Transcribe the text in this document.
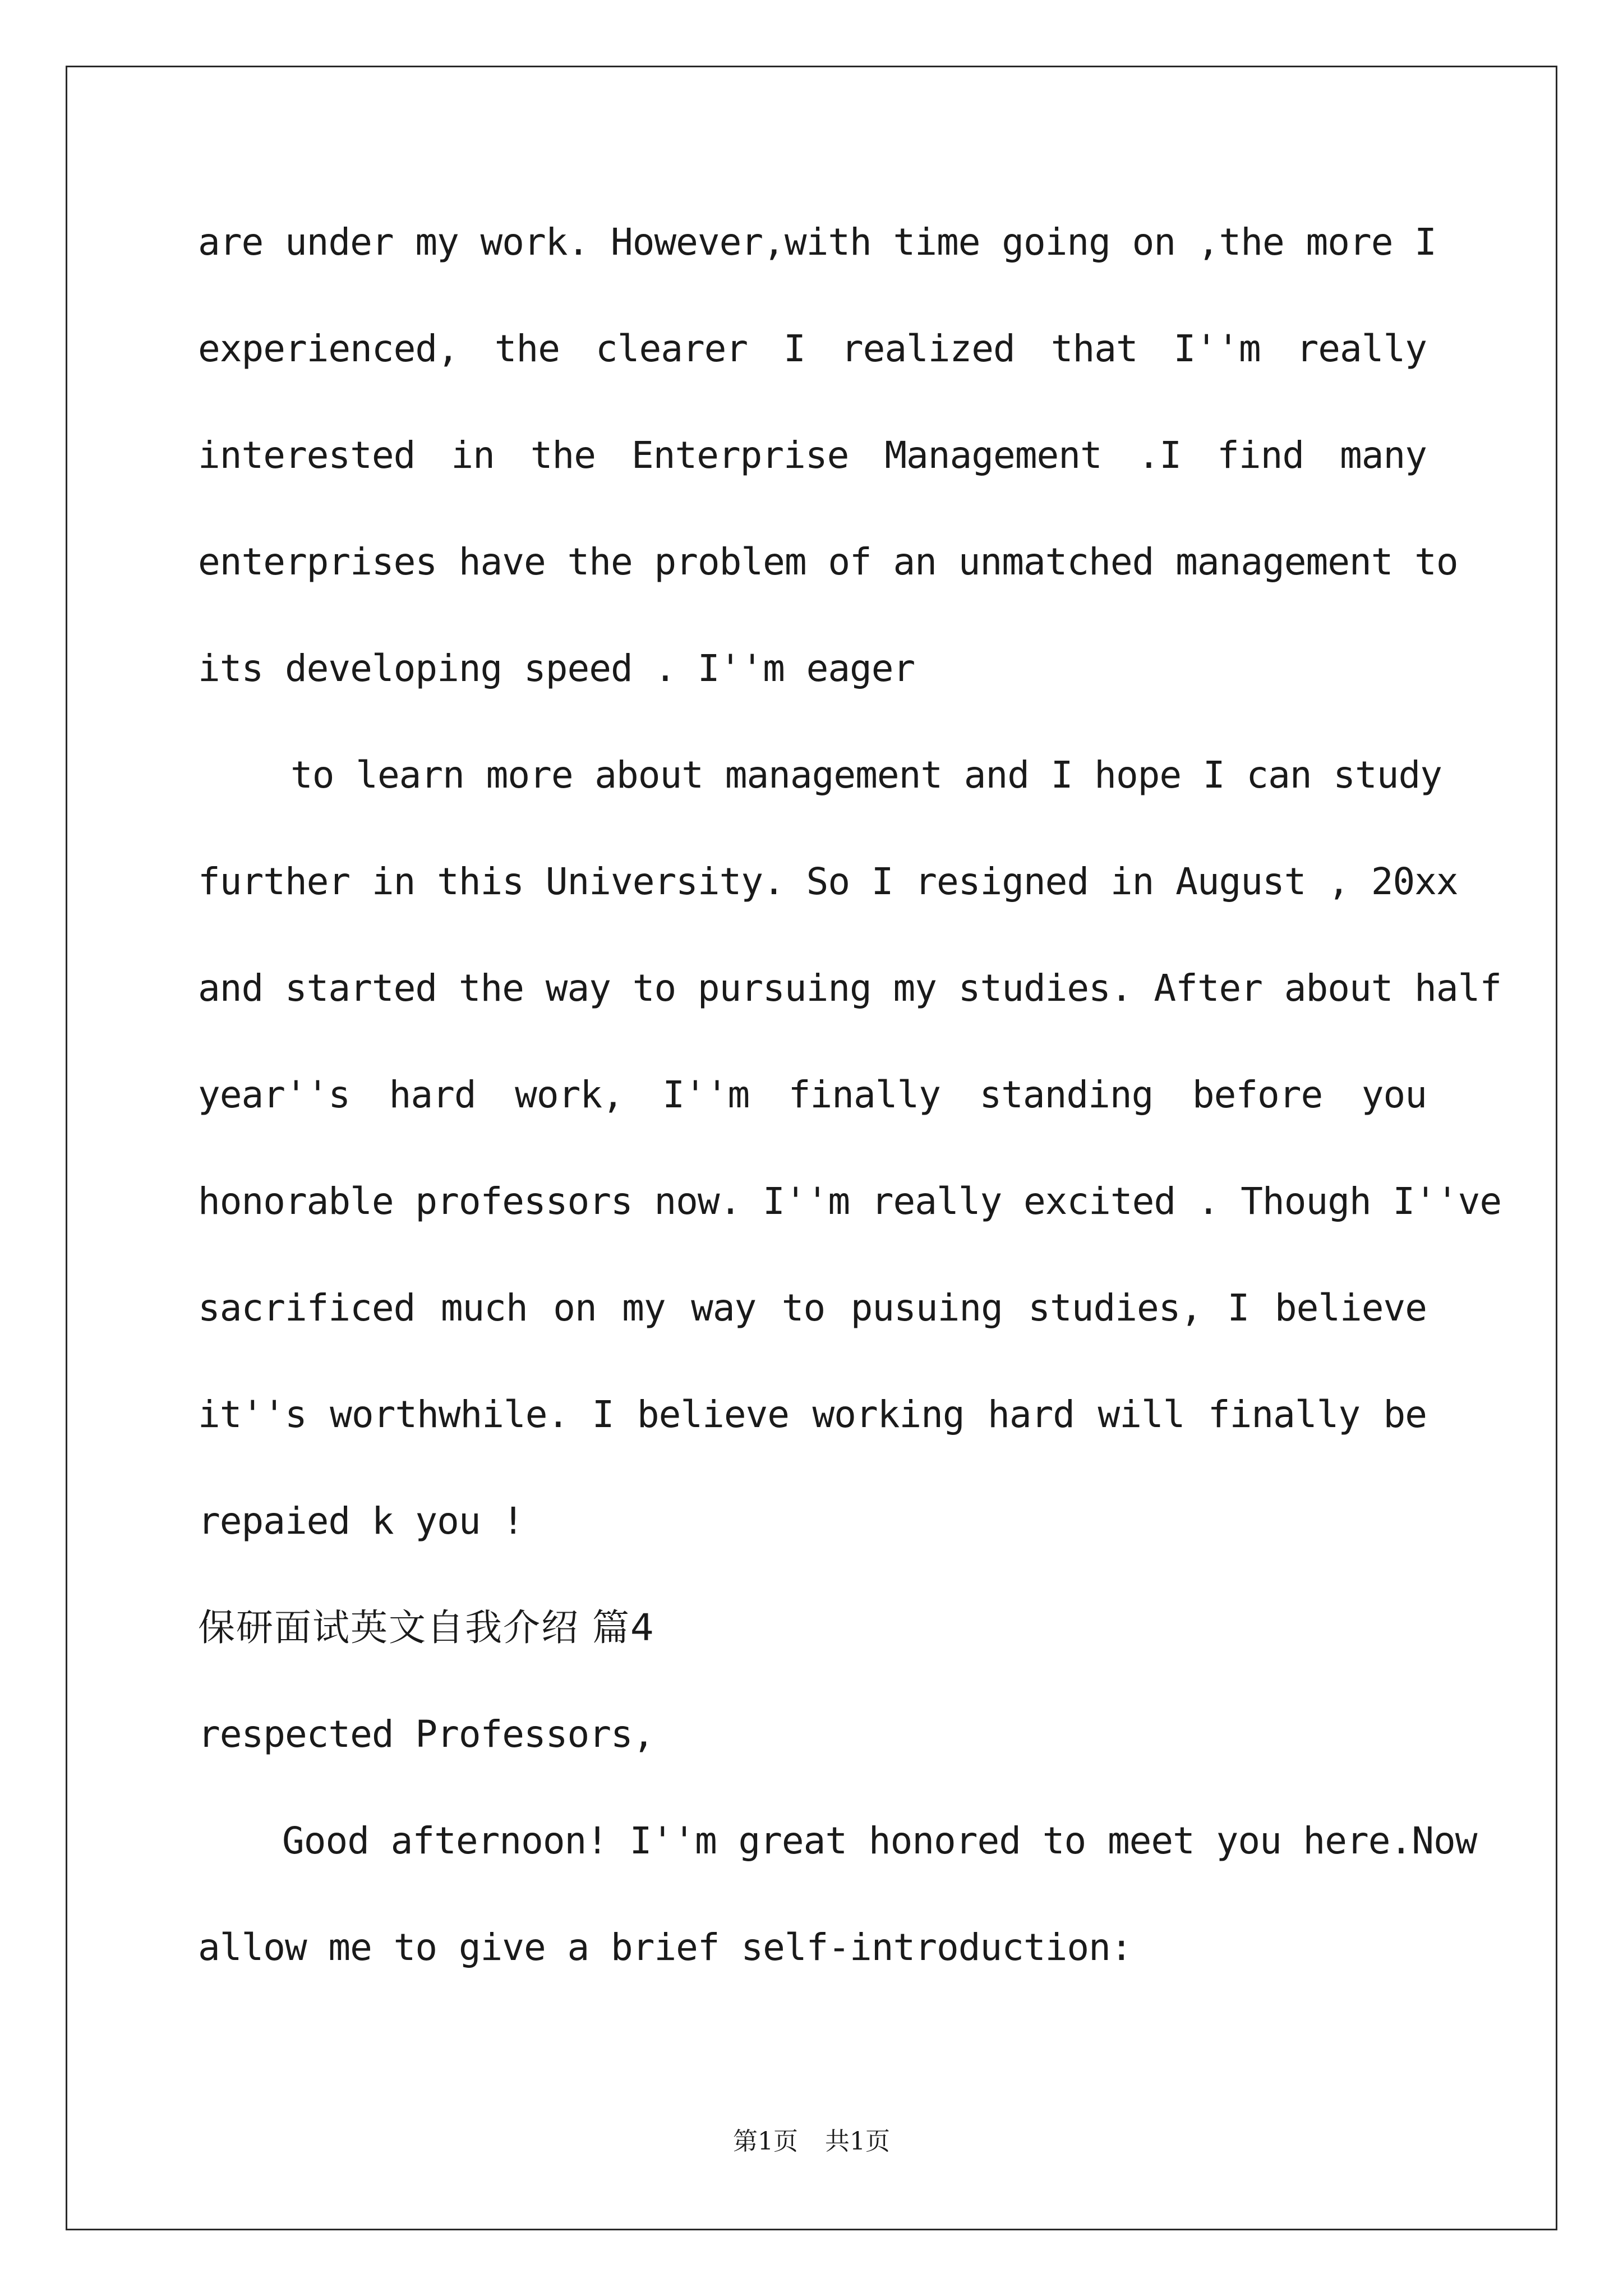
are under my work. However,with time going on ,the more I
experienced, the clearer I realized that I''m really
interested in the Enterprise Management .I find many
enterprises have the problem of an unmatched management to
its developing speed . I''m eager
to learn more about management and I hope I can study
further in this University. So I resigned in August , 20xx
and started the way to pursuing my studies. After about half
year''s hard work, I''m finally standing before you
honorable professors now. I''m really excited . Though I''ve
sacrificed much on my way to pusuing studies, I believe
it''s worthwhile. I believe working hard will finally be
repaied k you !
保研面试英文自我介绍 篇4
respected Professors,
Good afternoon! I''m great honored to meet you here.Now
allow me to give a brief self-introduction:
第1页 共1页
